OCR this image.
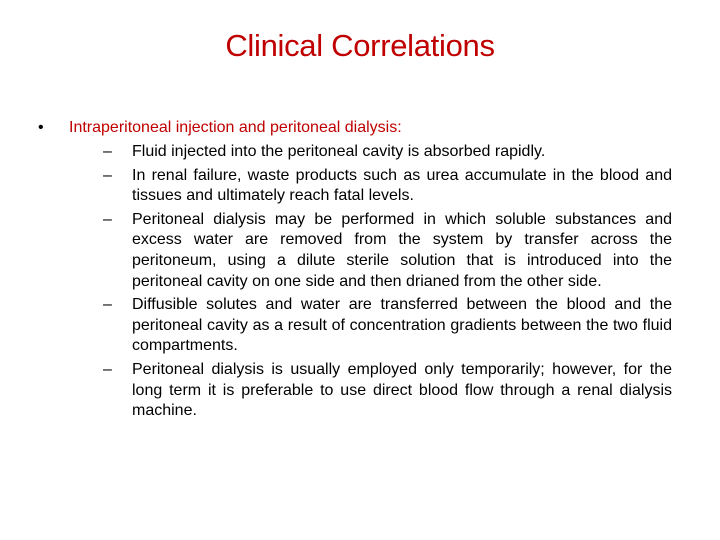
Clinical Correlations
•	Intraperitoneal injection and peritoneal dialysis:
– Fluid injected into the peritoneal cavity is absorbed rapidly.
– In renal failure, waste products such as urea accumulate in the blood and tissues and ultimately reach fatal levels.
– Peritoneal dialysis may be performed in which soluble substances and excess water are removed from the system by transfer across the peritoneum, using a dilute sterile solution that is introduced into the peritoneal cavity on one side and then drianed from the other side.
– Diffusible solutes and water are transferred between the blood and the peritoneal cavity as a result of concentration gradients between the two fluid compartments.
– Peritoneal dialysis is usually employed only temporarily; however, for the long term it is preferable to use direct blood flow through a renal dialysis machine.
